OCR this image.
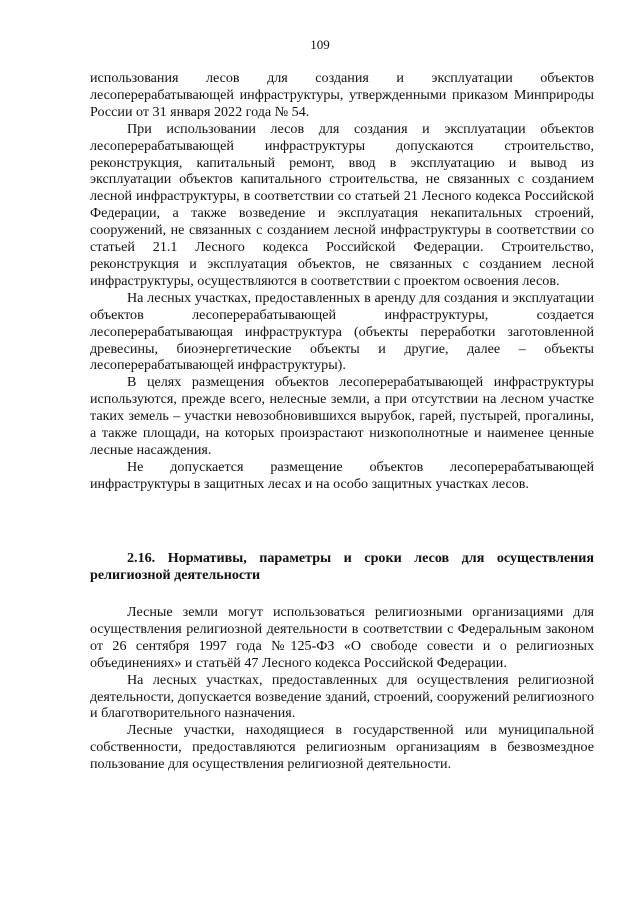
109

использования лесов для создания и эксплуатации объектов лесоперерабатывающей инфраструктуры, утвержденными приказом Минприроды России от 31 января 2022 года № 54.

При использовании лесов для создания и эксплуатации объектов лесоперерабатывающей инфраструктуры допускаются строительство, реконструкция, капитальный ремонт, ввод в эксплуатацию и вывод из эксплуатации объектов капитального строительства, не связанных с созданием лесной инфраструктуры, в соответствии со статьей 21 Лесного кодекса Российской Федерации, а также возведение и эксплуатация некапитальных строений, сооружений, не связанных с созданием лесной инфраструктуры в соответствии со статьей 21.1 Лесного кодекса Российской Федерации. Строительство, реконструкция и эксплуатация объектов, не связанных с созданием лесной инфраструктуры, осуществляются в соответствии с проектом освоения лесов.

На лесных участках, предоставленных в аренду для создания и эксплуатации объектов лесоперерабатывающей инфраструктуры, создается лесоперерабатывающая инфраструктура (объекты переработки заготовленной древесины, биоэнергетические объекты и другие, далее – объекты лесоперерабатывающей инфраструктуры).

В целях размещения объектов лесоперерабатывающей инфраструктуры используются, прежде всего, нелесные земли, а при отсутствии на лесном участке таких земель – участки невозобновившихся вырубок, гарей, пустырей, прогалины, а также площади, на которых произрастают низкополнотные и наименее ценные лесные насаждения.

Не допускается размещение объектов лесоперерабатывающей инфраструктуры в защитных лесах и на особо защитных участках лесов.

2.16. Нормативы, параметры и сроки лесов для осуществления религиозной деятельности

Лесные земли могут использоваться религиозными организациями для осуществления религиозной деятельности в соответствии с Федеральным законом от 26 сентября 1997 года №125-ФЗ «О свободе совести и о религиозных объединениях» и статьёй 47 Лесного кодекса Российской Федерации.

На лесных участках, предоставленных для осуществления религиозной деятельности, допускается возведение зданий, строений, сооружений религиозного и благотворительного назначения.

Лесные участки, находящиеся в государственной или муниципальной собственности, предоставляются религиозным организациям в безвозмездное пользование для осуществления религиозной деятельности.
